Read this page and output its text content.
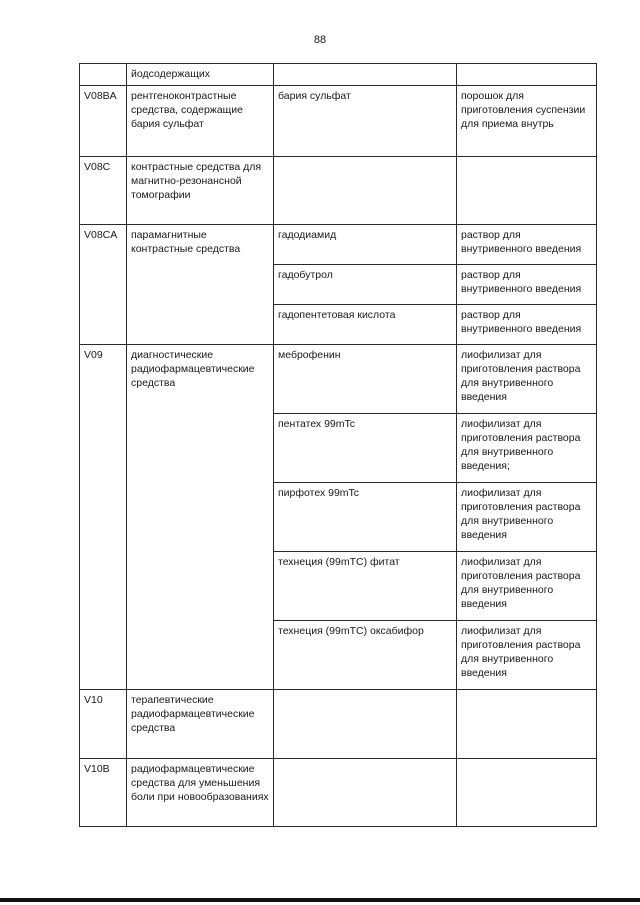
88
	йодсодержащих		
V08BA	рентгеноконтрастные средства, содержащие бария сульфат	бария сульфат	порошок для приготовления суспензии для приема внутрь
V08C	контрастные средства для магнитно-резонансной томографии		
V08CA	парамагнитные контрастные средства	гадодиамид	раствор для внутривенного введения
		гадобутрол	раствор для внутривенного введения
		гадопентетовая кислота	раствор для внутривенного введения
V09	диагностические радиофармацевтические средства	меброфенин	лиофилизат для приготовления раствора для внутривенного введения
		пентатех 99mTc	лиофилизат для приготовления раствора для внутривенного введения;
		пирфотех 99mTc	лиофилизат для приготовления раствора для внутривенного введения
		технеция (99mTC) фитат	лиофилизат для приготовления раствора для внутривенного введения
		технеция (99mTC) оксабифор	лиофилизат для приготовления раствора для внутривенного введения
V10	терапевтические радиофармацевтические средства		
V10B	радиофармацевтические средства для уменьшения боли при новообразованиях		
